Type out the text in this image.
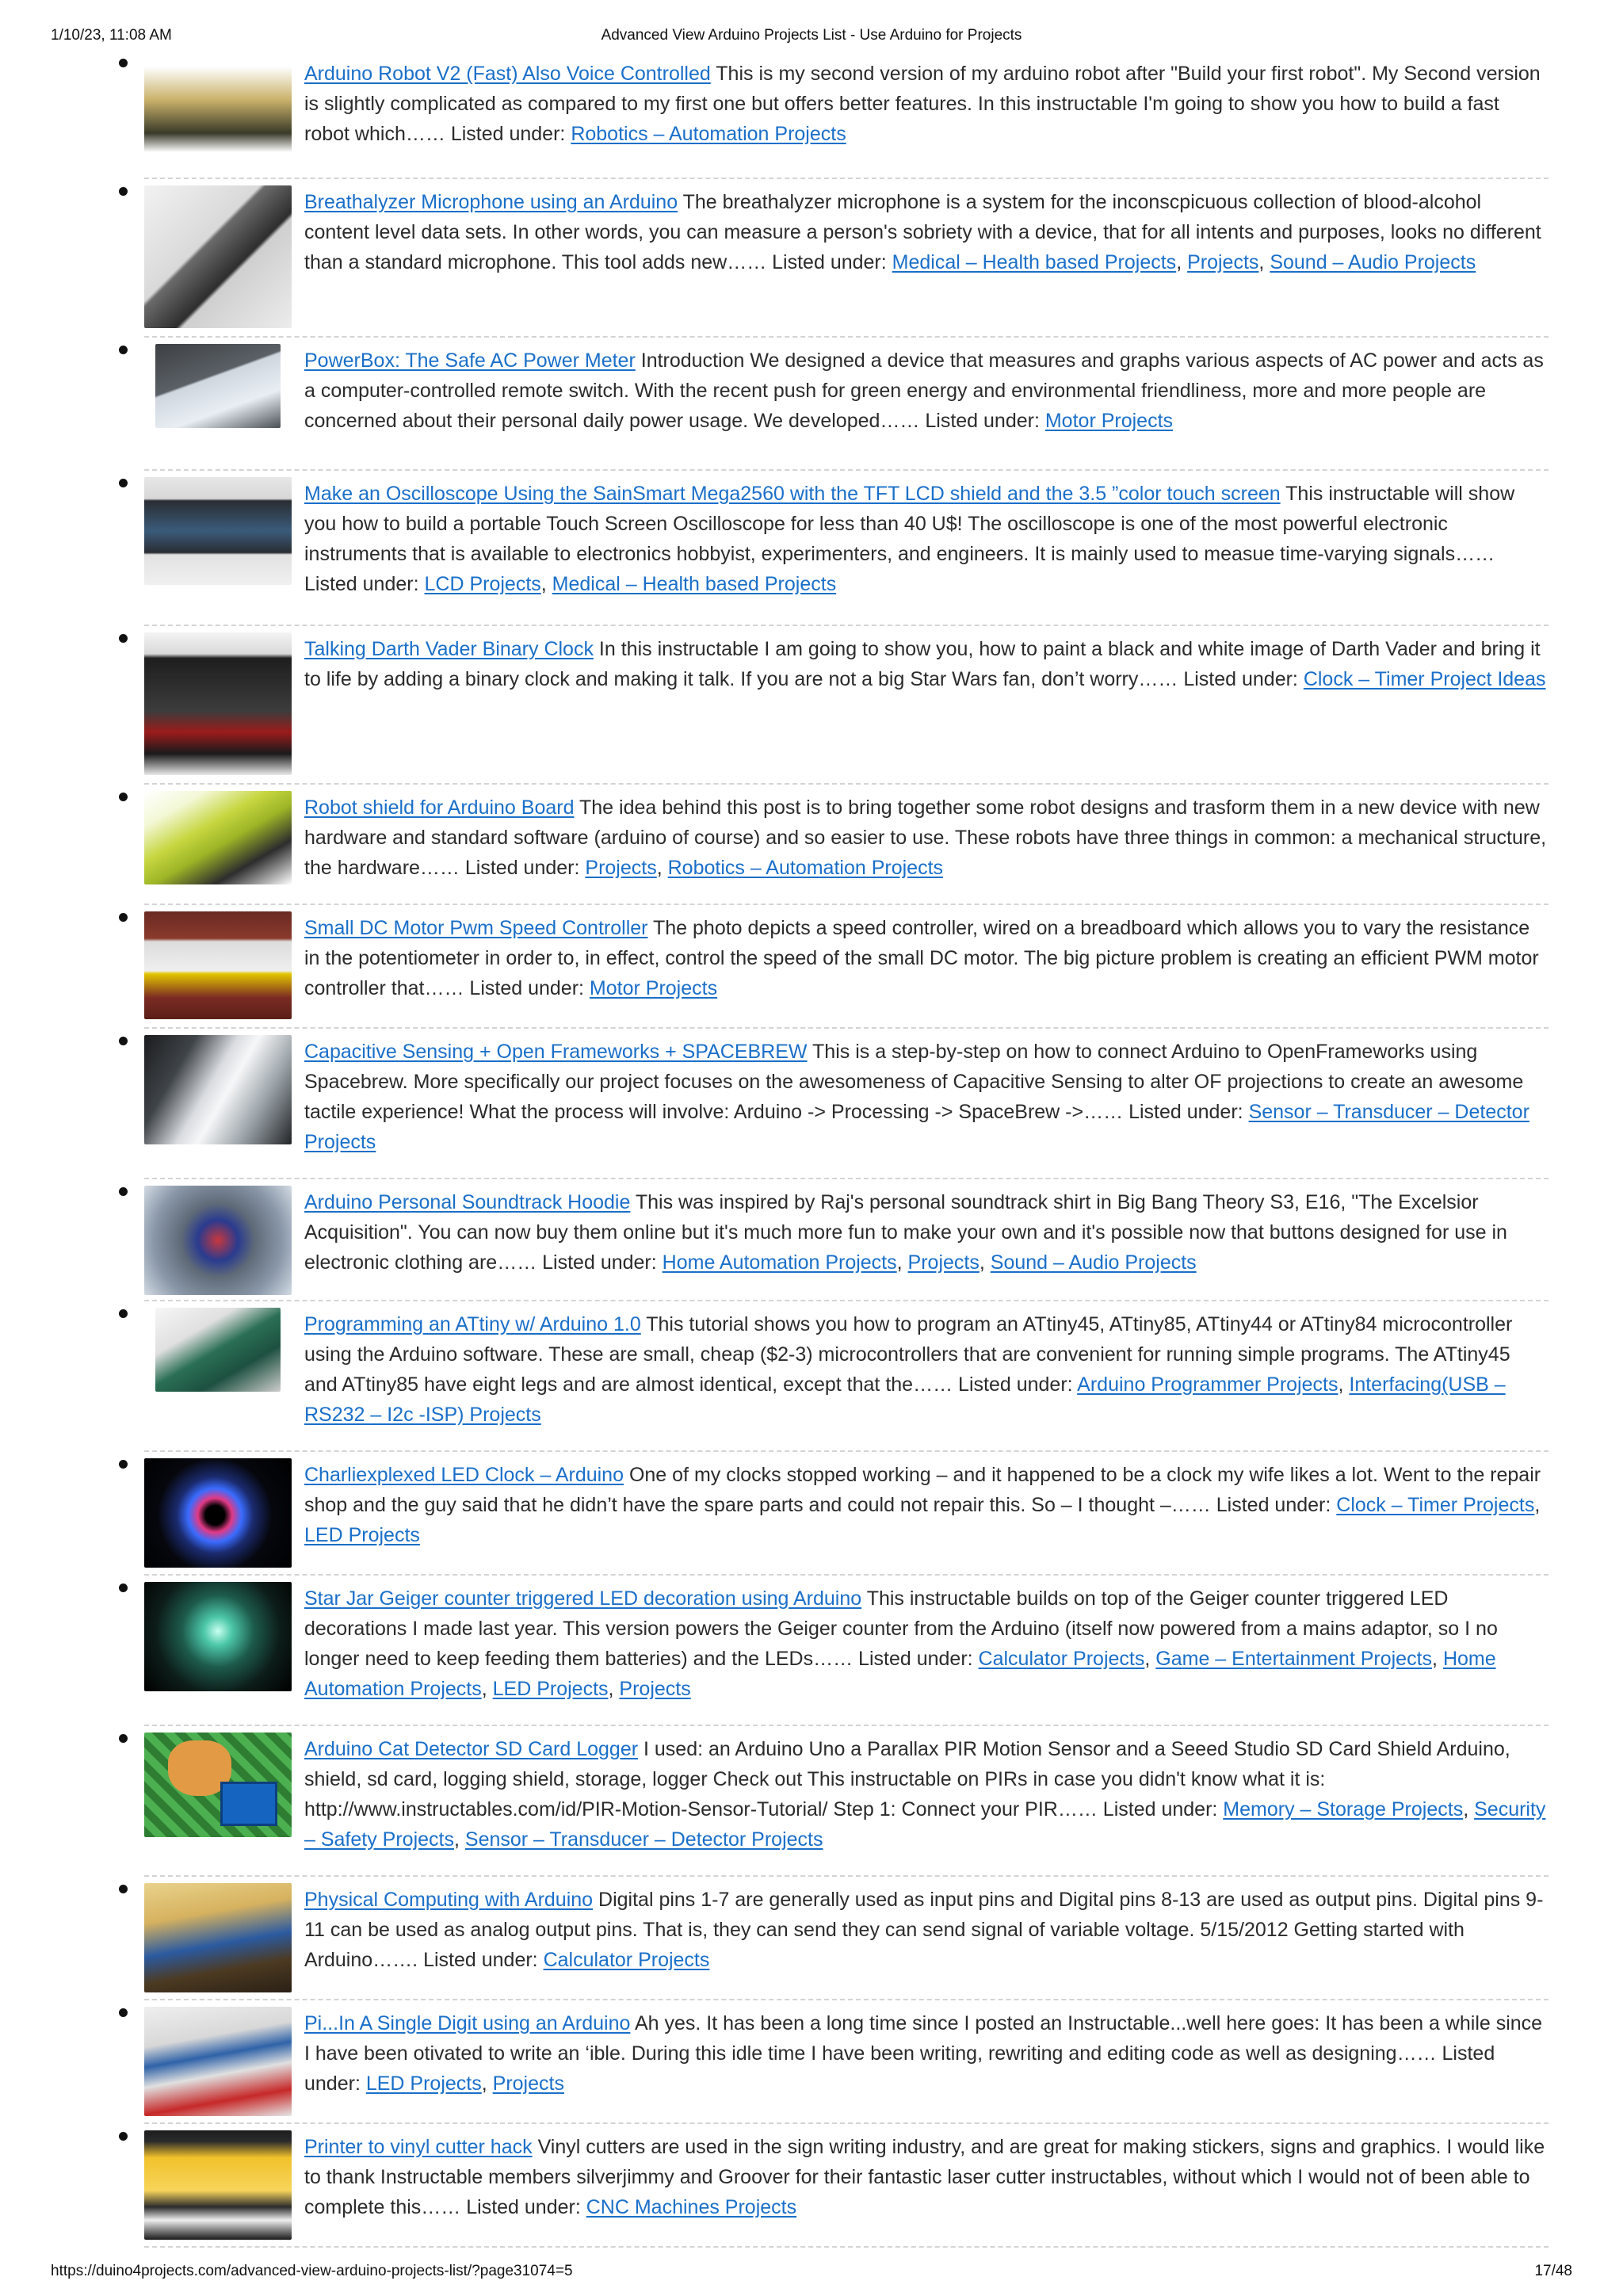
1/10/23, 11:08 AM	Advanced View Arduino Projects List - Use Arduino for Projects
Arduino Robot V2 (Fast) Also Voice Controlled This is my second version of my arduino robot after "Build your first robot". My Second version is slightly complicated as compared to my first one but offers better features. In this instructable I'm going to show you how to build a fast robot which…… Listed under: Robotics – Automation Projects
Breathalyzer Microphone using an Arduino The breathalyzer microphone is a system for the inconscpicuous collection of blood-alcohol content level data sets. In other words, you can measure a person's sobriety with a device, that for all intents and purposes, looks no different than a standard microphone. This tool adds new…… Listed under: Medical – Health based Projects, Projects, Sound – Audio Projects
PowerBox: The Safe AC Power Meter Introduction We designed a device that measures and graphs various aspects of AC power and acts as a computer-controlled remote switch. With the recent push for green energy and environmental friendliness, more and more people are concerned about their personal daily power usage. We developed…… Listed under: Motor Projects
Make an Oscilloscope Using the SainSmart Mega2560 with the TFT LCD shield and the 3.5 ”color touch screen This instructable will show you how to build a portable Touch Screen Oscilloscope for less than 40 U$! The oscilloscope is one of the most powerful electronic instruments that is available to electronics hobbyist, experimenters, and engineers. It is mainly used to measue time-varying signals…… Listed under: LCD Projects, Medical – Health based Projects
Talking Darth Vader Binary Clock In this instructable I am going to show you, how to paint a black and white image of Darth Vader and bring it to life by adding a binary clock and making it talk. If you are not a big Star Wars fan, don’t worry…… Listed under: Clock – Timer Project Ideas
Robot shield for Arduino Board The idea behind this post is to bring together some robot designs and trasform them in a new device with new hardware and standard software (arduino of course) and so easier to use. These robots have three things in common: a mechanical structure, the hardware…… Listed under: Projects, Robotics – Automation Projects
Small DC Motor Pwm Speed Controller The photo depicts a speed controller, wired on a breadboard which allows you to vary the resistance in the potentiometer in order to, in effect, control the speed of the small DC motor. The big picture problem is creating an efficient PWM motor controller that…… Listed under: Motor Projects
Capacitive Sensing + Open Frameworks + SPACEBREW This is a step-by-step on how to connect Arduino to OpenFrameworks using Spacebrew. More specifically our project focuses on the awesomeness of Capacitive Sensing to alter OF projections to create an awesome tactile experience! What the process will involve: Arduino -> Processing -> SpaceBrew ->…… Listed under: Sensor – Transducer – Detector Projects
Arduino Personal Soundtrack Hoodie This was inspired by Raj's personal soundtrack shirt in Big Bang Theory S3, E16, "The Excelsior Acquisition". You can now buy them online but it's much more fun to make your own and it's possible now that buttons designed for use in electronic clothing are…… Listed under: Home Automation Projects, Projects, Sound – Audio Projects
Programming an ATtiny w/ Arduino 1.0 This tutorial shows you how to program an ATtiny45, ATtiny85, ATtiny44 or ATtiny84 microcontroller using the Arduino software. These are small, cheap ($2-3) microcontrollers that are convenient for running simple programs. The ATtiny45 and ATtiny85 have eight legs and are almost identical, except that the…… Listed under: Arduino Programmer Projects, Interfacing(USB – RS232 – I2c -ISP) Projects
Charliexplexed LED Clock – Arduino One of my clocks stopped working – and it happened to be a clock my wife likes a lot. Went to the repair shop and the guy said that he didn’t have the spare parts and could not repair this. So – I thought –…… Listed under: Clock – Timer Projects, LED Projects
Star Jar Geiger counter triggered LED decoration using Arduino This instructable builds on top of the Geiger counter triggered LED decorations I made last year. This version powers the Geiger counter from the Arduino (itself now powered from a mains adaptor, so I no longer need to keep feeding them batteries) and the LEDs…… Listed under: Calculator Projects, Game – Entertainment Projects, Home Automation Projects, LED Projects, Projects
Arduino Cat Detector SD Card Logger I used: an Arduino Uno a Parallax PIR Motion Sensor and a Seeed Studio SD Card Shield Arduino, shield, sd card, logging shield, storage, logger Check out This instructable on PIRs in case you didn't know what it is: http://www.instructables.com/id/PIR-Motion-Sensor-Tutorial/ Step 1: Connect your PIR…… Listed under: Memory – Storage Projects, Security – Safety Projects, Sensor – Transducer – Detector Projects
Physical Computing with Arduino Digital pins 1-7 are generally used as input pins and Digital pins 8-13 are used as output pins. Digital pins 9-11 can be used as analog output pins. That is, they can send they can send signal of variable voltage. 5/15/2012 Getting started with Arduino……. Listed under: Calculator Projects
Pi...In A Single Digit using an Arduino Ah yes. It has been a long time since I posted an Instructable...well here goes: It has been a while since I have been otivated to write an ‘ible. During this idle time I have been writing, rewriting and editing code as well as designing…… Listed under: LED Projects, Projects
Printer to vinyl cutter hack Vinyl cutters are used in the sign writing industry, and are great for making stickers, signs and graphics. I would like to thank Instructable members silverjimmy and Groover for their fantastic laser cutter instructables, without which I would not of been able to complete this…… Listed under: CNC Machines Projects
https://duino4projects.com/advanced-view-arduino-projects-list/?page31074=5	17/48
